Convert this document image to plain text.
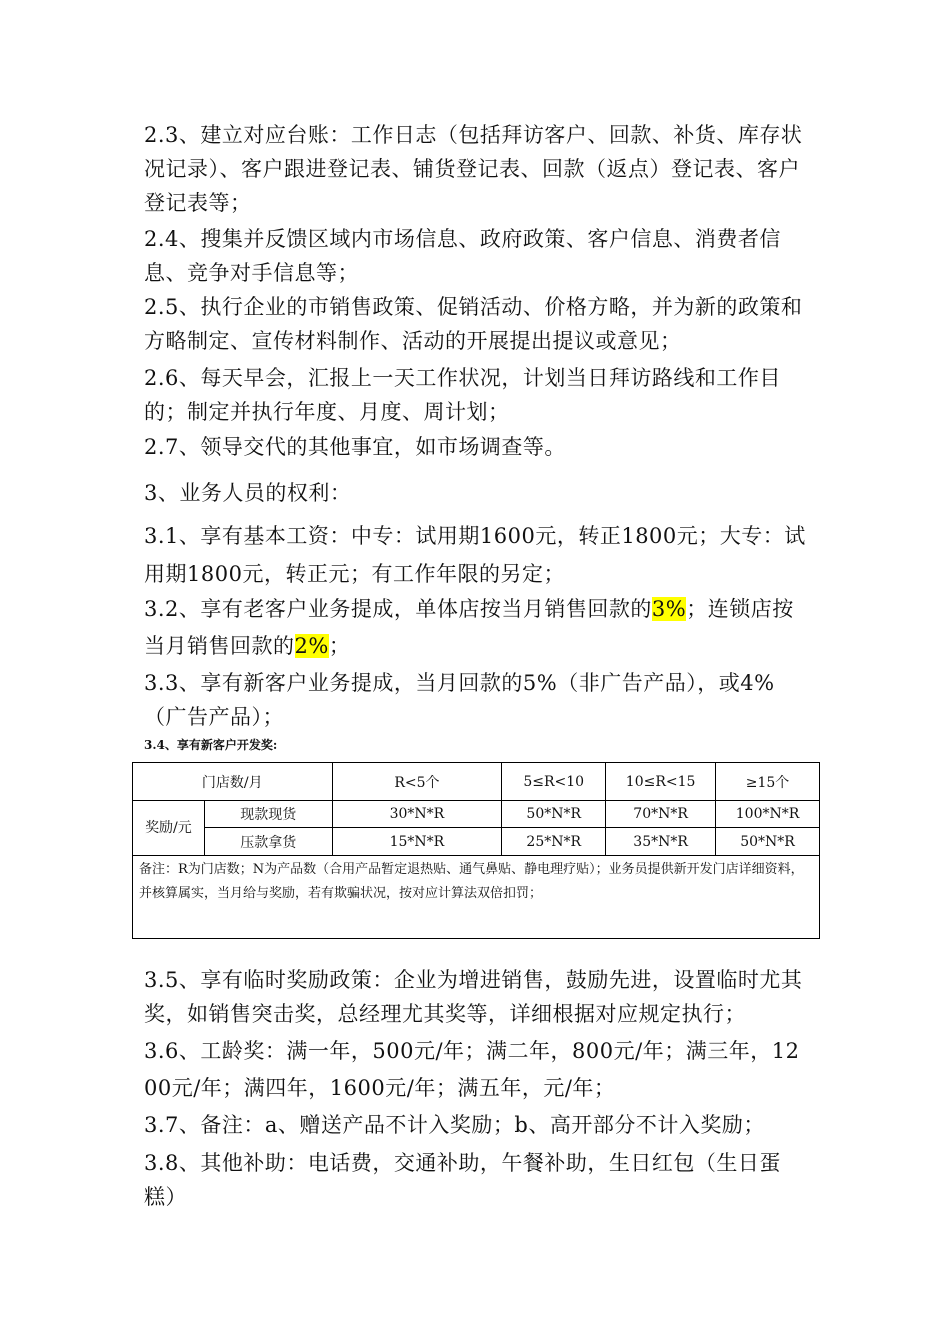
2.3、建立对应台账：工作日志（包括拜访客户、回款、补货、库存状况记录）、客户跟进登记表、铺货登记表、回款（返点）登记表、客户登记表等；
2.4、搜集并反馈区域内市场信息、政府政策、客户信息、消费者信息、竞争对手信息等；
2.5、执行企业的市销售政策、促销活动、价格方略，并为新的政策和方略制定、宣传材料制作、活动的开展提出提议或意见；
2.6、每天早会，汇报上一天工作状况，计划当日拜访路线和工作目的；制定并执行年度、月度、周计划；
2.7、领导交代的其他事宜，如市场调查等。
3、业务人员的权利：
3.1、享有基本工资：中专：试用期1600元，转正1800元；大专：试用期1800元，转正元；有工作年限的另定；
3.2、享有老客户业务提成，单体店按当月销售回款的3%；连锁店按当月销售回款的2%；
3.3、享有新客户业务提成，当月回款的5%（非广告产品），或4%（广告产品）；
3.4、享有新客户开发奖:
门店数/月		R<5个	5≤R<10	10≤R<15	≥15个
奖励/元	现款现货	30*N*R	50*N*R	70*N*R	100*N*R
	压款拿货	15*N*R	25*N*R	35*N*R	50*N*R
备注：R为门店数；N为产品数（合用产品暂定退热贴、通气鼻贴、静电理疗贴）；业务员提供新开发门店详细资料，并核算属实，当月给与奖励，若有欺骗状况，按对应计算法双倍扣罚；					
3.5、享有临时奖励政策：企业为增进销售，鼓励先进，设置临时尤其奖，如销售突击奖，总经理尤其奖等，详细根据对应规定执行；
3.6、工龄奖：满一年，500元/年；满二年，800元/年；满三年，1200元/年；满四年，1600元/年；满五年，元/年；
3.7、备注：a、赠送产品不计入奖励；b、高开部分不计入奖励；
3.8、其他补助：电话费，交通补助，午餐补助，生日红包（生日蛋糕）
